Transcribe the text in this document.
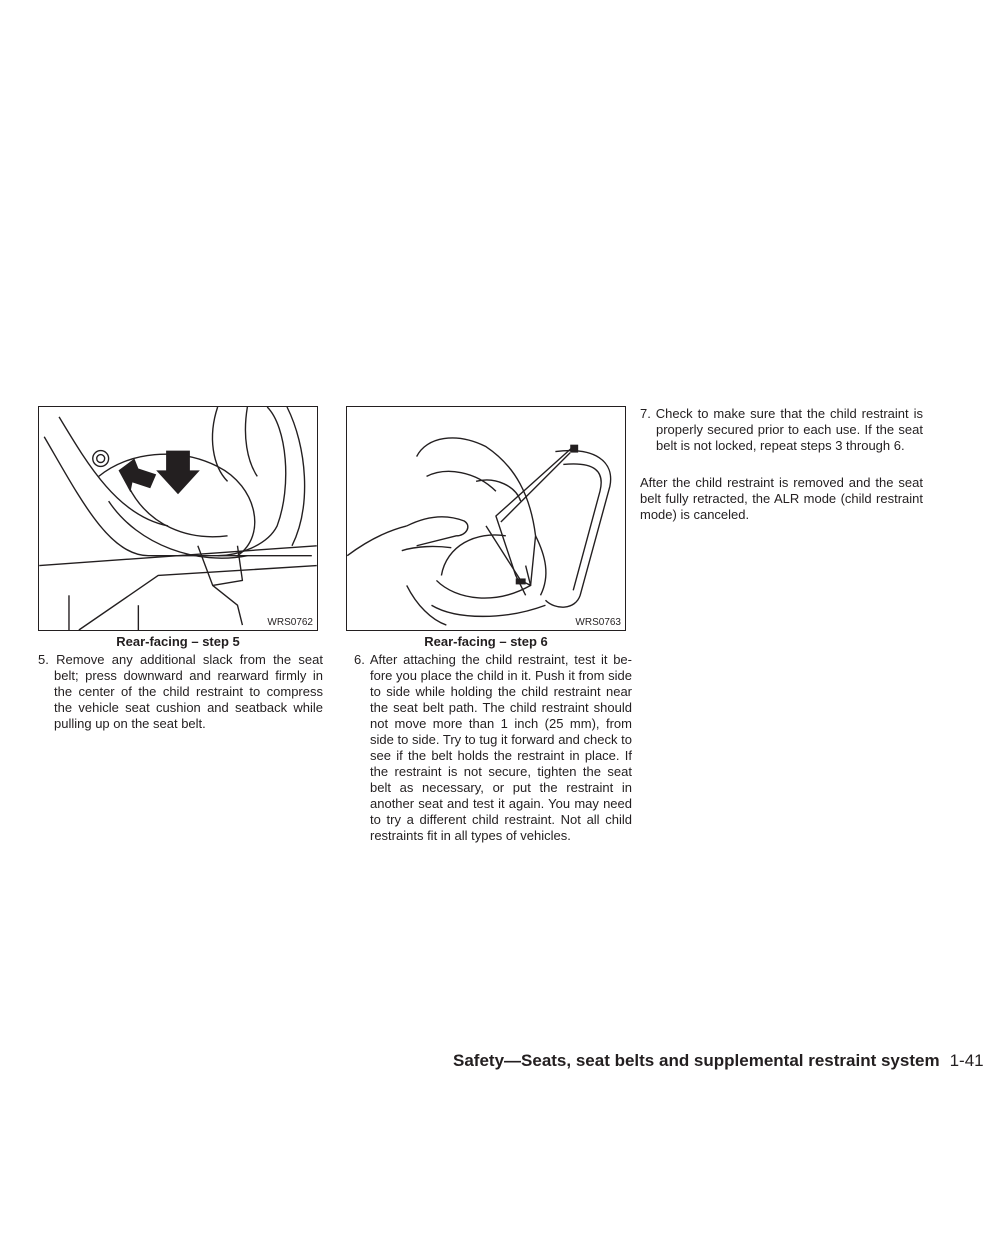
WRS0762
Rear-facing – step 5
WRS0763
Rear-facing – step 6
5. Remove any additional slack from the seat belt; press downward and rearward firmly in the center of the child restraint to compress the vehicle seat cushion and seatback while pulling up on the seat belt.
6. After attaching the child restraint, test it be-fore you place the child in it. Push it from side to side while holding the child restraint near the seat belt path. The child restraint should not move more than 1 inch (25 mm), from side to side. Try to tug it forward and check to see if the belt holds the restraint in place. If the restraint is not secure, tighten the seat belt as necessary, or put the restraint in another seat and test it again. You may need to try a different child restraint. Not all child restraints fit in all types of vehicles.
7. Check to make sure that the child restraint is properly secured prior to each use. If the seat belt is not locked, repeat steps 3 through 6.
After the child restraint is removed and the seat belt fully retracted, the ALR mode (child restraint mode) is canceled.
Safety—Seats, seat belts and supplemental restraint system 1-41
